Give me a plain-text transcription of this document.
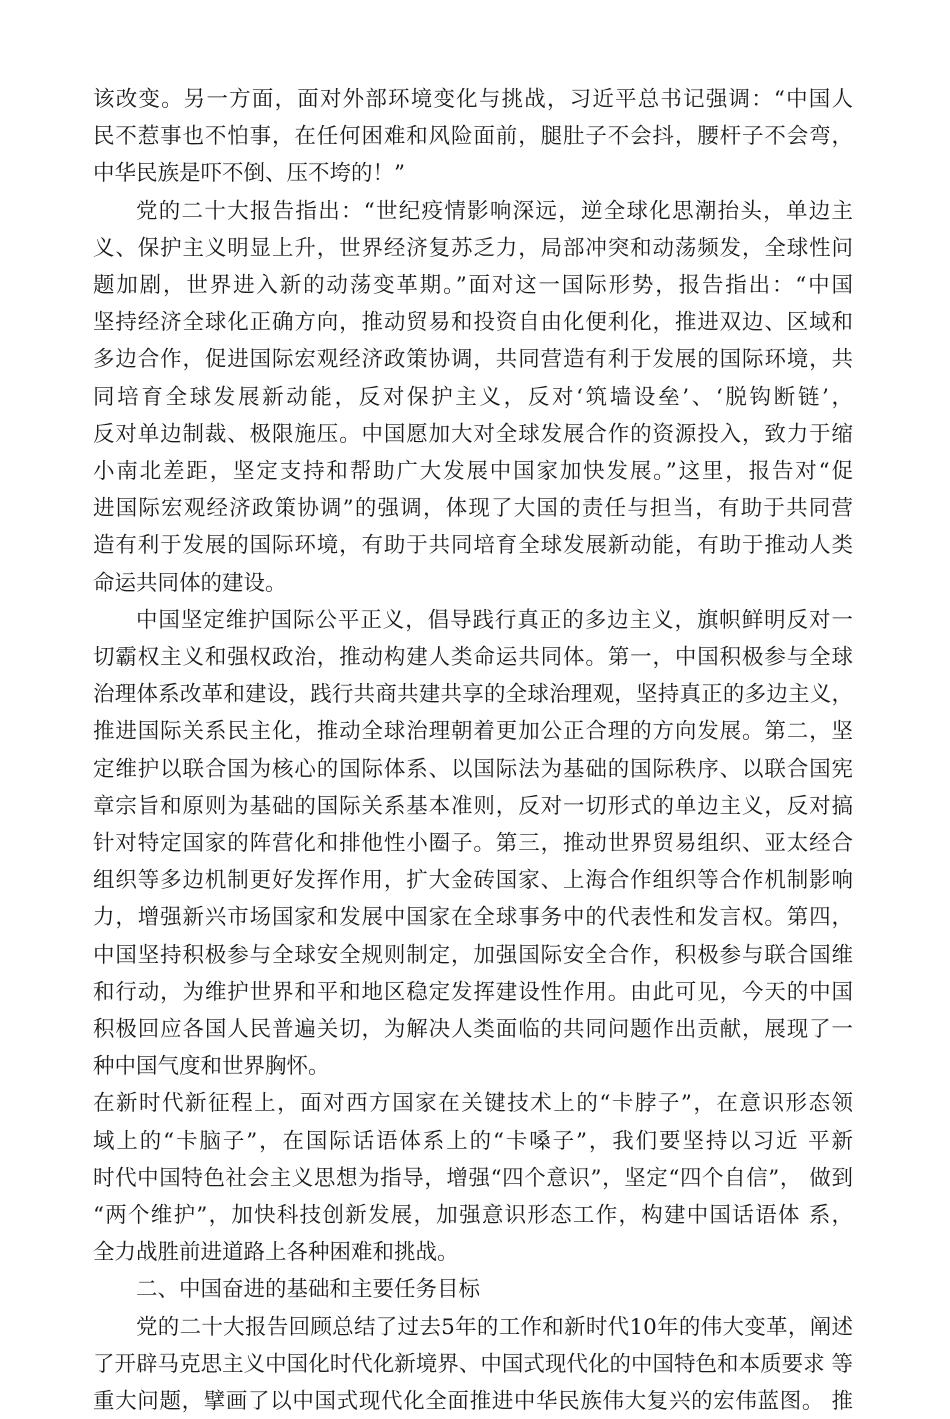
该改变。另一方面，面对外部环境变化与挑战，习近平总书记强调：“中国人
民不惹事也不怕事，在任何困难和风险面前，腿肚子不会抖，腰杆子不会弯，
中华民族是吓不倒、压不垮的！”
党的二十大报告指出：“世纪疫情影响深远，逆全球化思潮抬头，单边主
义、保护主义明显上升，世界经济复苏乏力，局部冲突和动荡频发，全球性问
题加剧，世界进入新的动荡变革期。”面对这一国际形势，报告指出：“中国
坚持经济全球化正确方向，推动贸易和投资自由化便利化，推进双边、区域和
多边合作，促进国际宏观经济政策协调，共同营造有利于发展的国际环境，共
同培育全球发展新动能，反对保护主义，反对‘筑墙设垒’、‘脱钩断链’，
反对单边制裁、极限施压。中国愿加大对全球发展合作的资源投入，致力于缩
小南北差距，坚定支持和帮助广大发展中国家加快发展。”这里，报告对“促
进国际宏观经济政策协调”的强调，体现了大国的责任与担当，有助于共同营
造有利于发展的国际环境，有助于共同培育全球发展新动能，有助于推动人类
命运共同体的建设。
中国坚定维护国际公平正义，倡导践行真正的多边主义，旗帜鲜明反对一
切霸权主义和强权政治，推动构建人类命运共同体。第一，中国积极参与全球
治理体系改革和建设，践行共商共建共享的全球治理观，坚持真正的多边主义，
推进国际关系民主化，推动全球治理朝着更加公正合理的方向发展。第二，坚
定维护以联合国为核心的国际体系、以国际法为基础的国际秩序、以联合国宪
章宗旨和原则为基础的国际关系基本准则，反对一切形式的单边主义，反对搞
针对特定国家的阵营化和排他性小圈子。第三，推动世界贸易组织、亚太经合
组织等多边机制更好发挥作用，扩大金砖国家、上海合作组织等合作机制影响
力，增强新兴市场国家和发展中国家在全球事务中的代表性和发言权。第四，
中国坚持积极参与全球安全规则制定，加强国际安全合作，积极参与联合国维
和行动，为维护世界和平和地区稳定发挥建设性作用。由此可见，今天的中国
积极回应各国人民普遍关切，为解决人类面临的共同问题作出贡献，展现了一
种中国气度和世界胸怀。
在新时代新征程上，面对西方国家在关键技术上的“卡脖子”，在意识形态领
域上的“卡脑子”，在国际话语体系上的“卡嗓子”，我们要坚持以习近 平新
时代中国特色社会主义思想为指导，增强“四个意识”，坚定“四个自信”， 做到
“两个维护”，加快科技创新发展，加强意识形态工作，构建中国话语体 系，
全力战胜前进道路上各种困难和挑战。
二、中国奋进的基础和主要任务目标
党的二十大报告回顾总结了过去5年的工作和新时代10年的伟大变革，阐述
了开辟马克思主义中国化时代化新境界、中国式现代化的中国特色和本质要求 等
重大问题，擘画了以中国式现代化全面推进中华民族伟大复兴的宏伟蓝图。 推
